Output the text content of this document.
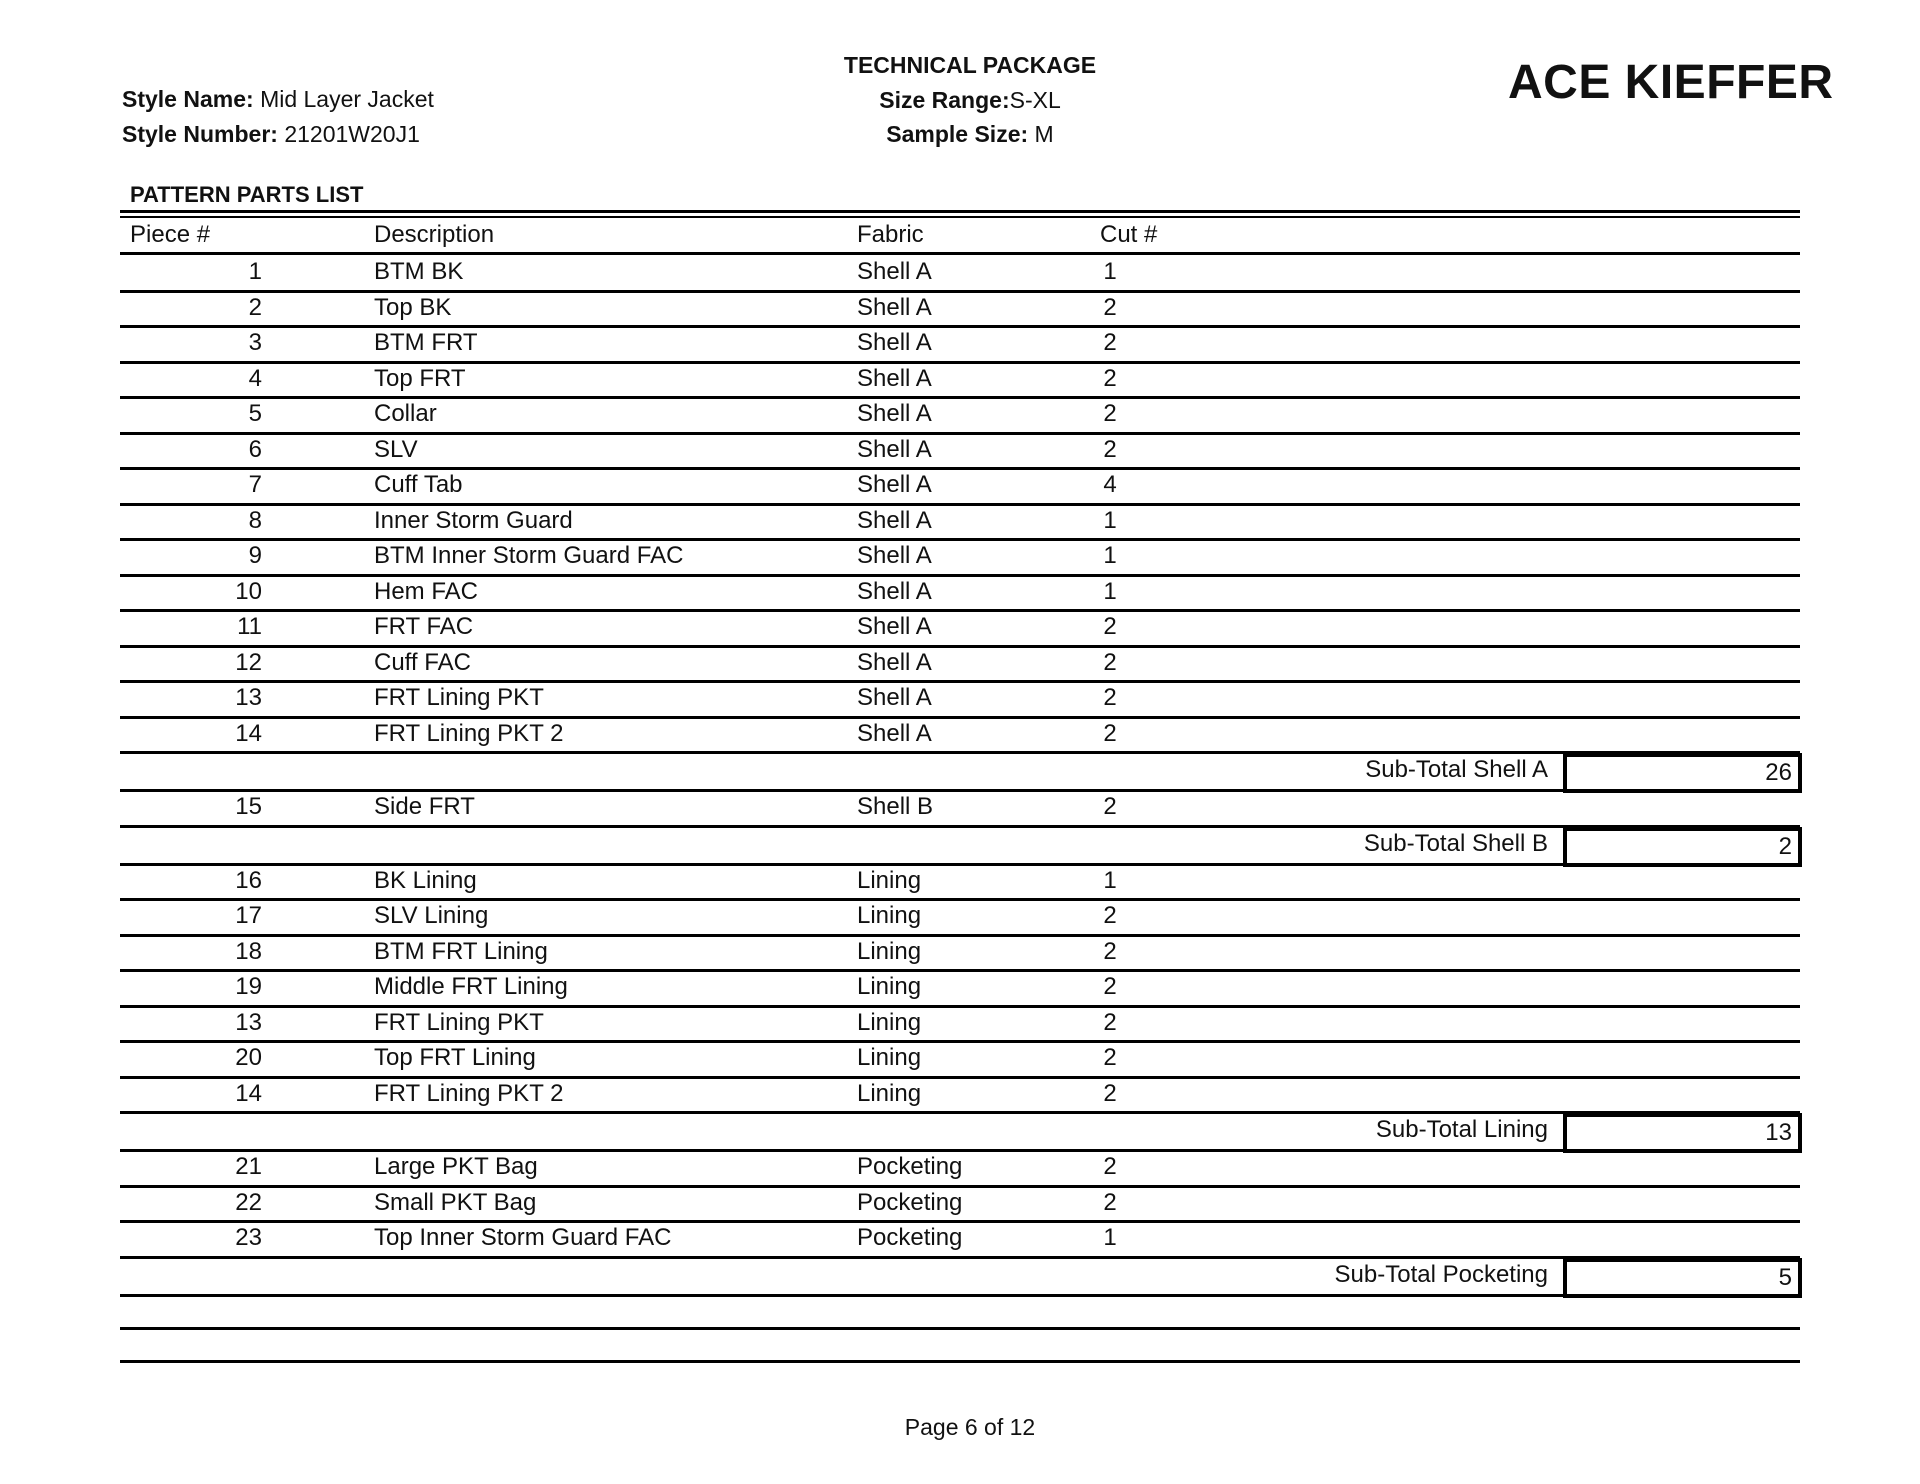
Style Name: Mid Layer Jacket
Style Number: 21201W20J1
TECHNICAL PACKAGE
Size Range:S-XL
Sample Size: M
ACE KIEFFER
PATTERN PARTS LIST
Piece #	Description	Fabric	Cut #
1	BTM BK	Shell A	1
2	Top BK	Shell A	2
3	BTM FRT	Shell A	2
4	Top FRT	Shell A	2
5	Collar	Shell A	2
6	SLV	Shell A	2
7	Cuff Tab	Shell A	4
8	Inner Storm Guard	Shell A	1
9	BTM Inner Storm Guard FAC	Shell A	1
10	Hem FAC	Shell A	1
11	FRT FAC	Shell A	2
12	Cuff FAC	Shell A	2
13	FRT Lining PKT	Shell A	2
14	FRT Lining PKT 2	Shell A	2
Sub-Total Shell A	26
15	Side FRT	Shell B	2
Sub-Total Shell B	2
16	BK Lining	Lining	1
17	SLV Lining	Lining	2
18	BTM FRT Lining	Lining	2
19	Middle FRT Lining	Lining	2
13	FRT Lining PKT	Lining	2
20	Top FRT Lining	Lining	2
14	FRT Lining PKT 2	Lining	2
Sub-Total Lining	13
21	Large PKT Bag	Pocketing	2
22	Small PKT Bag	Pocketing	2
23	Top Inner Storm Guard FAC	Pocketing	1
Sub-Total Pocketing	5
Page 6 of 12
